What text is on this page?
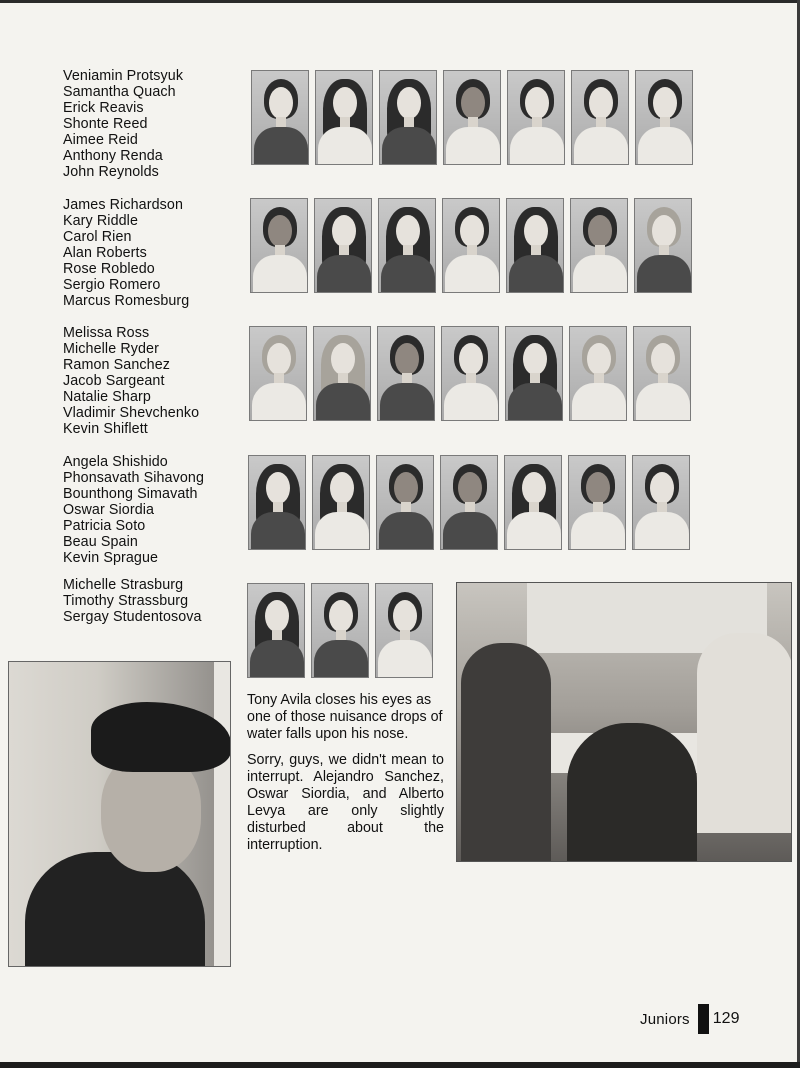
Veniamin Protsyuk
Samantha Quach
Erick Reavis
Shonte Reed
Aimee Reid
Anthony Renda
John Reynolds
James Richardson
Kary Riddle
Carol Rien
Alan Roberts
Rose Robledo
Sergio Romero
Marcus Romesburg
Melissa Ross
Michelle Ryder
Ramon Sanchez
Jacob Sargeant
Natalie Sharp
Vladimir Shevchenko
Kevin Shiflett
Angela Shishido
Phonsavath Sihavong
Bounthong Simavath
Oswar Siordia
Patricia Soto
Beau Spain
Kevin Sprague
Michelle Strasburg
Timothy Strassburg
Sergay Studentosova

Tony Avila closes his eyes as one of those nuisance drops of water falls upon his nose.

Sorry, guys, we didn't mean to interrupt. Alejandro Sanchez, Oswar Siordia, and Alberto Levya are only slightly disturbed about the interruption.

Juniors 129
